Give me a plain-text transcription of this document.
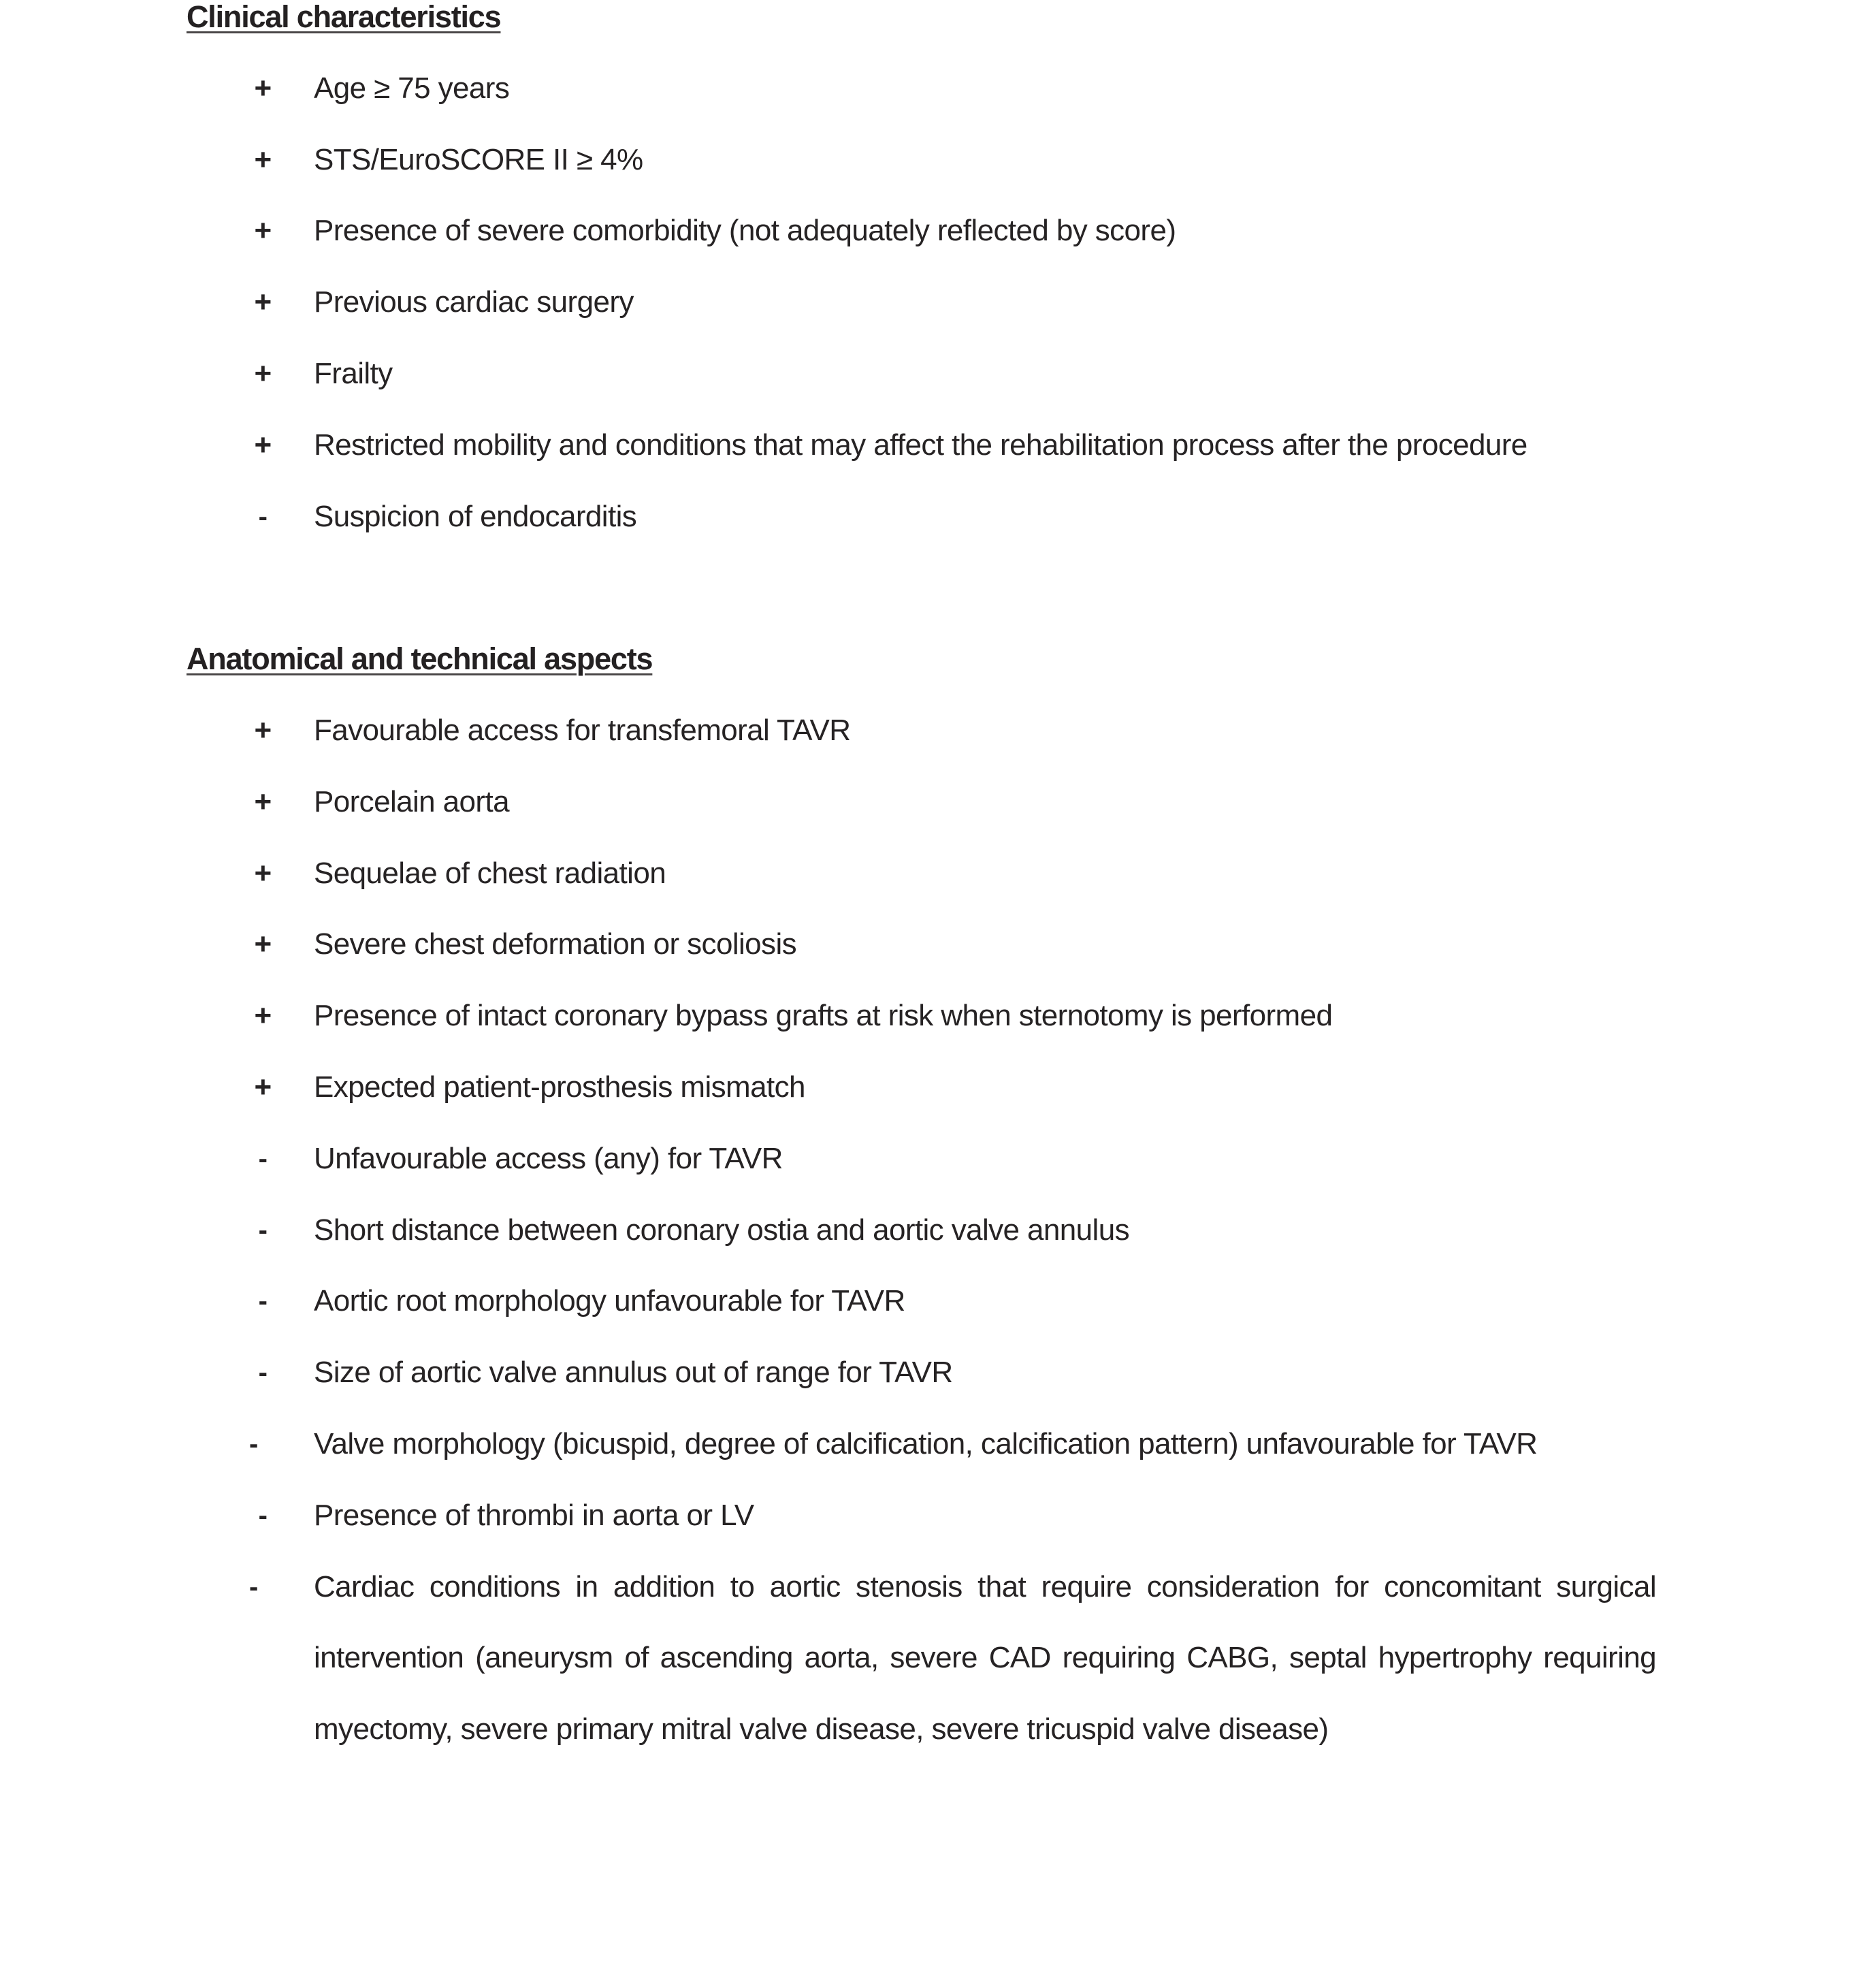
Clinical characteristics
+ Age ≥ 75 years
+ STS/EuroSCORE II ≥ 4%
+ Presence of severe comorbidity (not adequately reflected by score)
+ Previous cardiac surgery
+ Frailty
+ Restricted mobility and conditions that may affect the rehabilitation process after the procedure
-	Suspicion of endocarditis
Anatomical and technical aspects
+ Favourable access for transfemoral TAVR
+ Porcelain aorta
+ Sequelae of chest radiation
+ Severe chest deformation or scoliosis
+ Presence of intact coronary bypass grafts at risk when sternotomy is performed
+ Expected patient-prosthesis mismatch
-	Unfavourable access (any) for TAVR
-	Short distance between coronary ostia and aortic valve annulus
-	Aortic root morphology unfavourable for TAVR
-	Size of aortic valve annulus out of range for TAVR
-	Valve morphology (bicuspid, degree of calcification, calcification pattern) unfavourable for TAVR
-	Presence of thrombi in aorta or LV
-	Cardiac conditions in addition to aortic stenosis that require consideration for concomitant surgical intervention (aneurysm of ascending aorta, severe CAD requiring CABG, septal hypertrophy requiring myectomy, severe primary mitral valve disease, severe tricuspid valve disease)
